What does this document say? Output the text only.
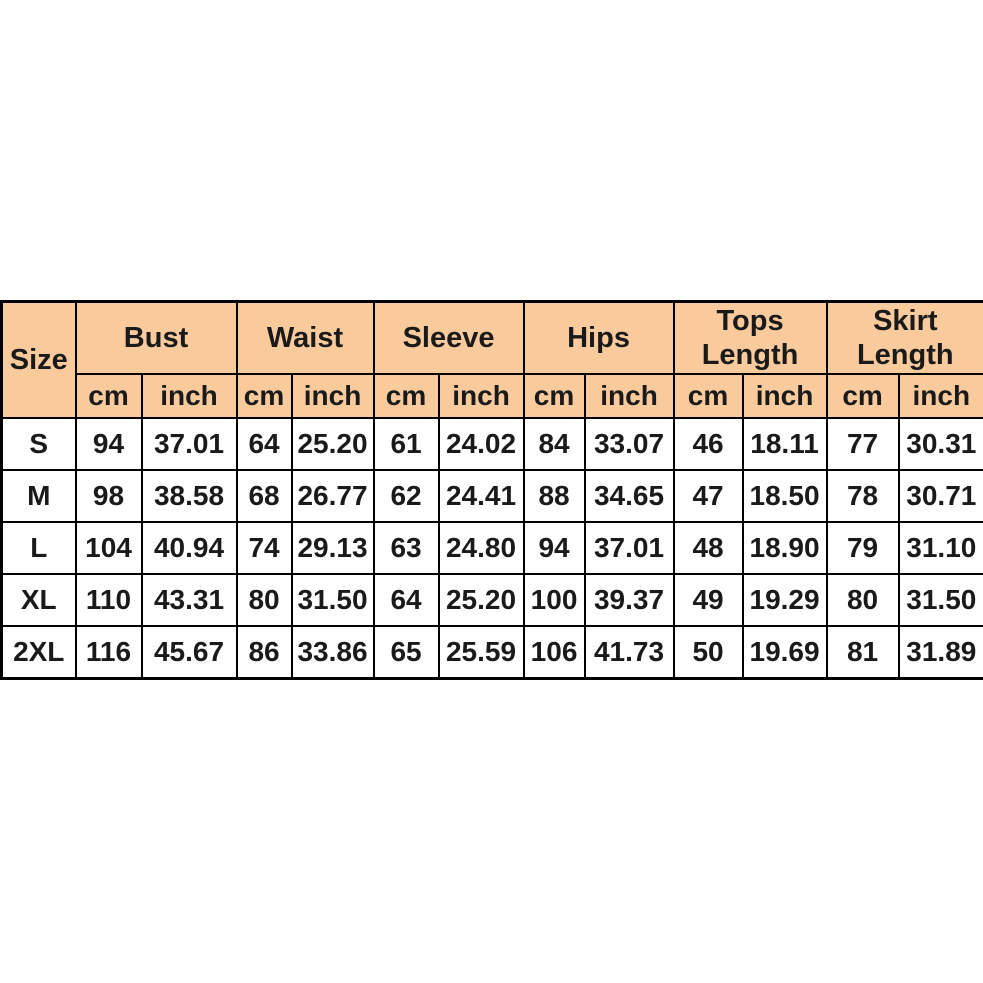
Size	Bust		Waist		Sleeve		Hips		Tops Length		Skirt Length	
	cm	inch	cm	inch	cm	inch	cm	inch	cm	inch	cm	inch
S	94	37.01	64	25.20	61	24.02	84	33.07	46	18.11	77	30.31
M	98	38.58	68	26.77	62	24.41	88	34.65	47	18.50	78	30.71
L	104	40.94	74	29.13	63	24.80	94	37.01	48	18.90	79	31.10
XL	110	43.31	80	31.50	64	25.20	100	39.37	49	19.29	80	31.50
2XL	116	45.67	86	33.86	65	25.59	106	41.73	50	19.69	81	31.89
